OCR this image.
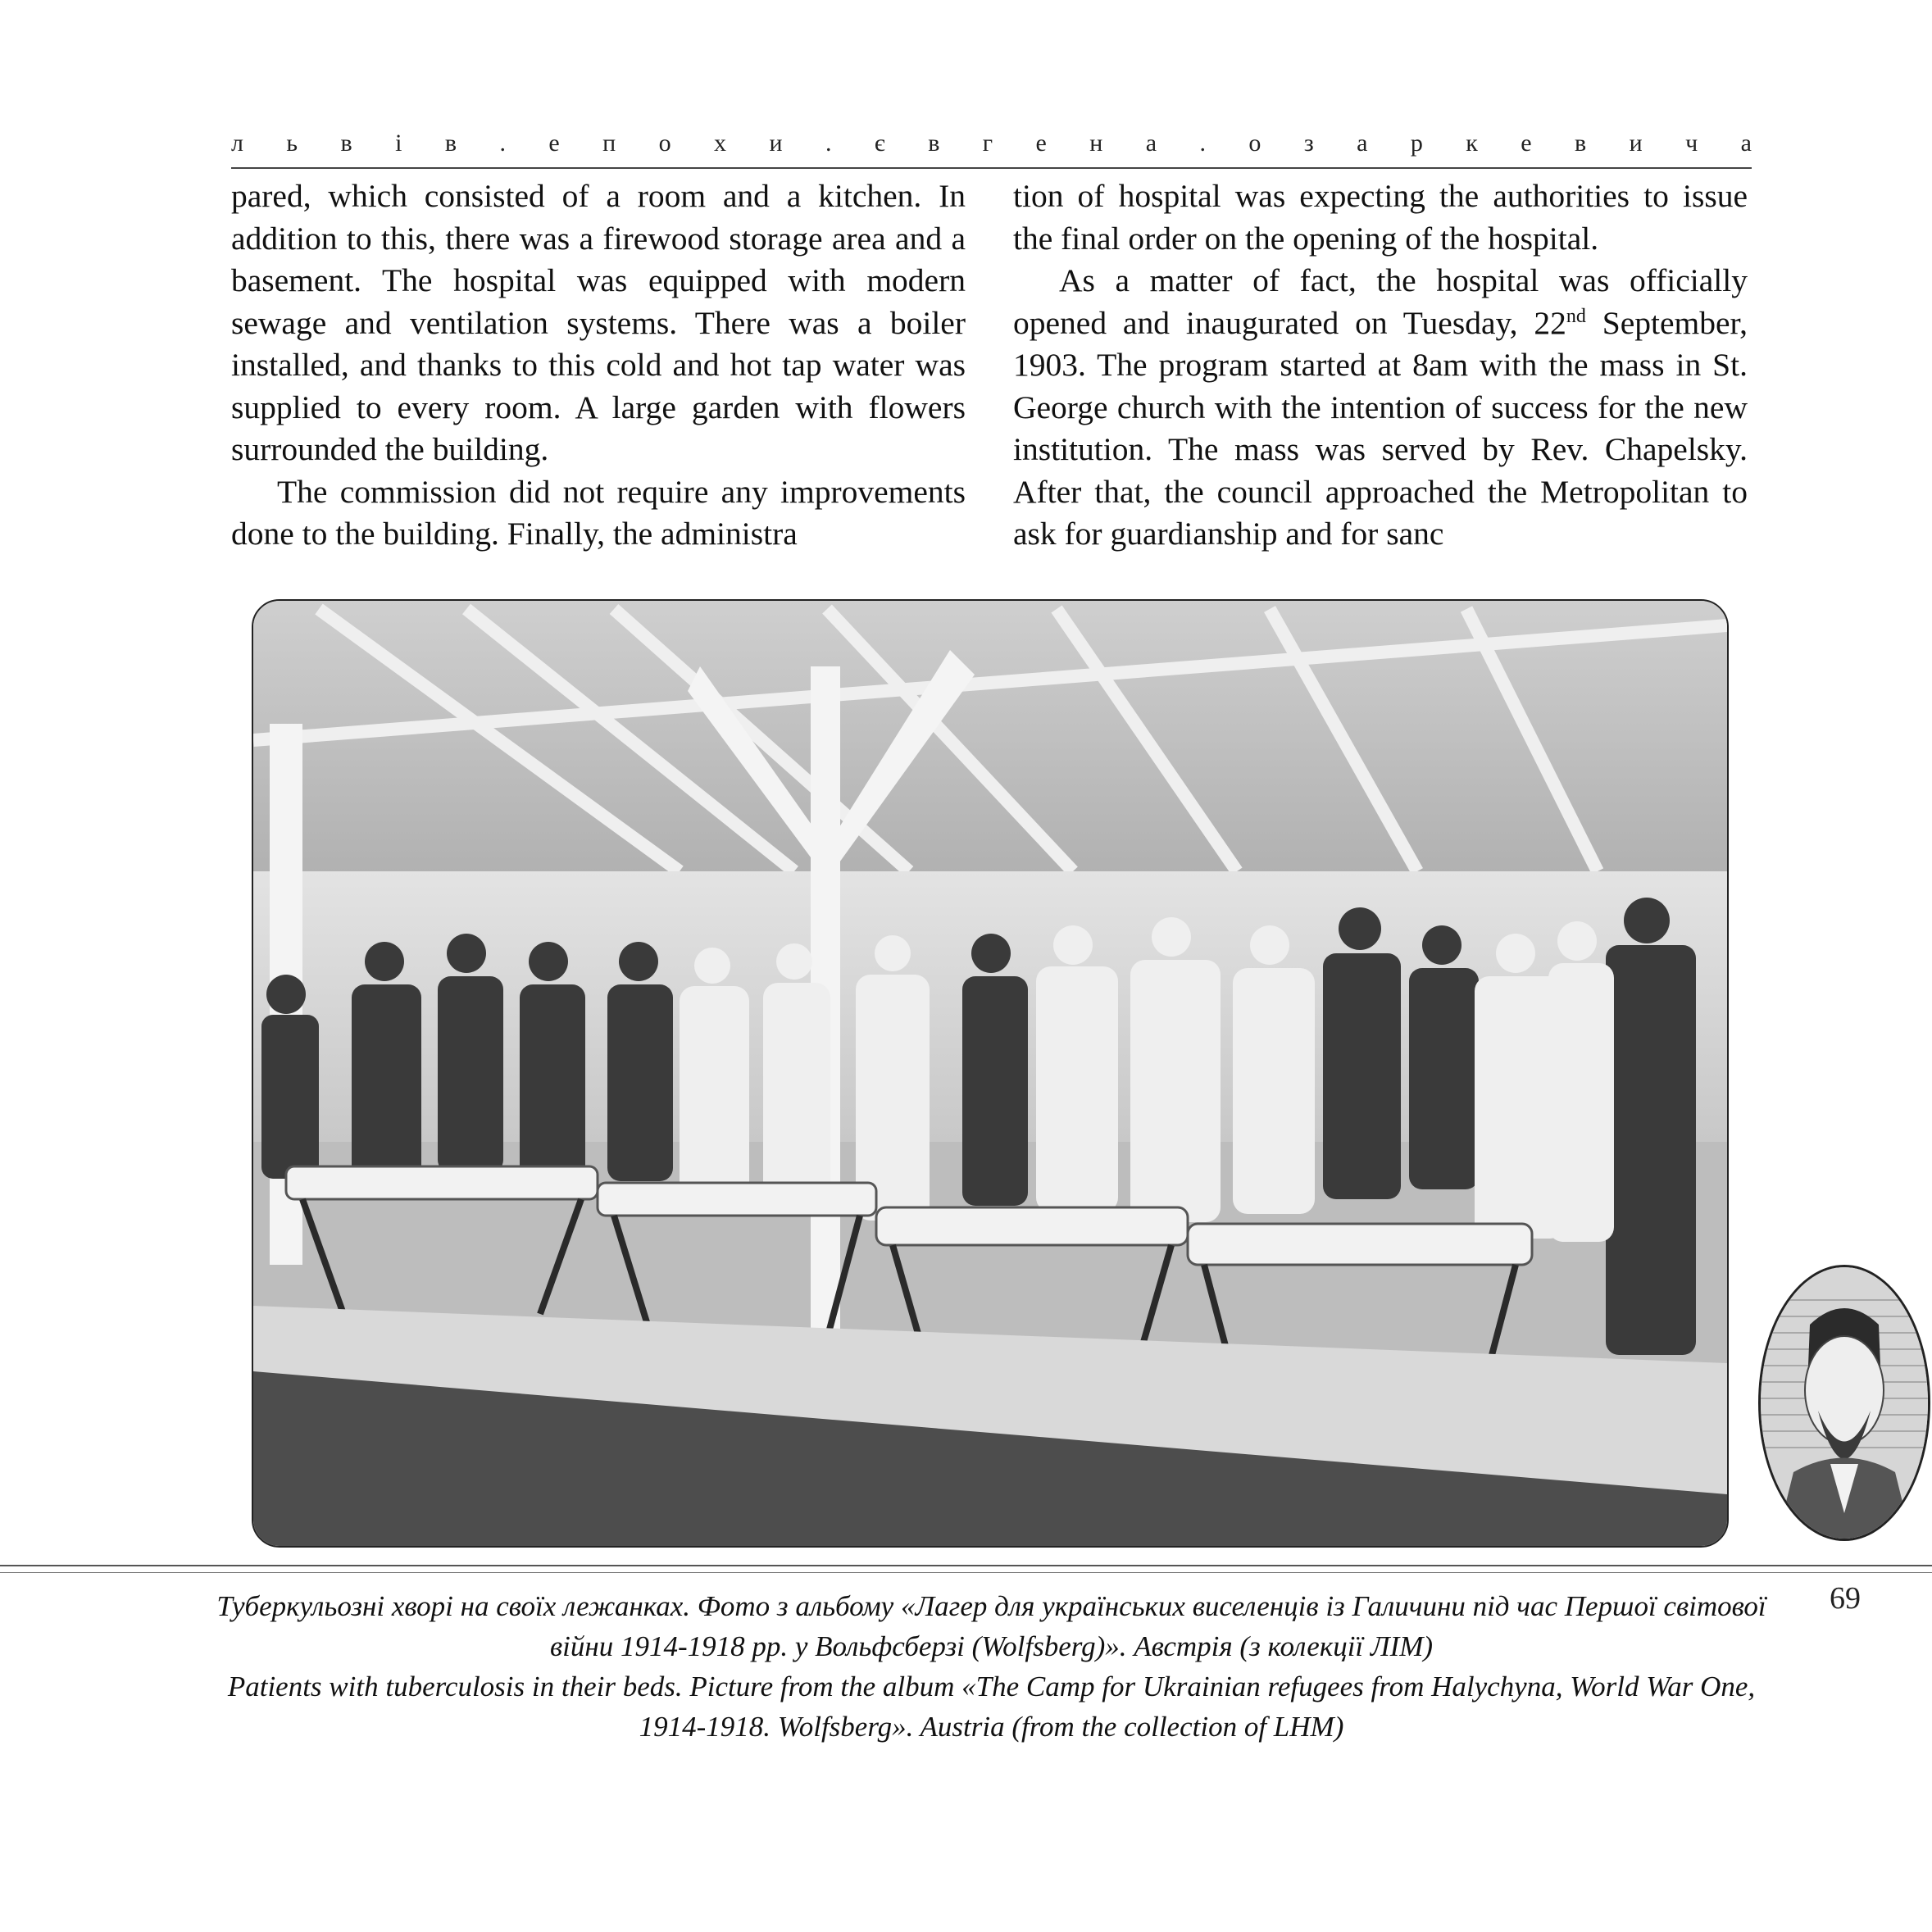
л ь в і в . е п о х и . є в г е н а . о з а р к е в и ч а

pared, which consisted of a room and a kitchen. In addition to this, there was a firewood storage area and a basement. The hospital was equipped with modern sewage and ventilation systems. There was a boiler installed, and thanks to this cold and hot tap water was supplied to every room. A large garden with flowers surrounded the building.

The commission did not require any improvements done to the building. Finally, the administra

tion of hospital was expecting the authorities to issue the final order on the opening of the hospital.

As a matter of fact, the hospital was officially opened and inaugurated on Tuesday, 22nd September, 1903. The program started at 8am with the mass in St. George church with the intention of success for the new institution. The mass was served by Rev. Chapelsky. After that, the council approached the Metropolitan to ask for guardianship and for sanc

69

Туберкульозні хворі на своїх лежанках. Фото з альбому «Лагер для українських виселенців із Галичини під час Першої світової війни 1914-1918 рр. у Вольфсберзі (Wolfsberg)». Австрія (з колекції ЛІМ)

Patients with tuberculosis in their beds. Picture from the album «The Camp for Ukrainian refugees from Halychyna, World War One, 1914-1918. Wolfsberg». Austria (from the collection of LHM)
